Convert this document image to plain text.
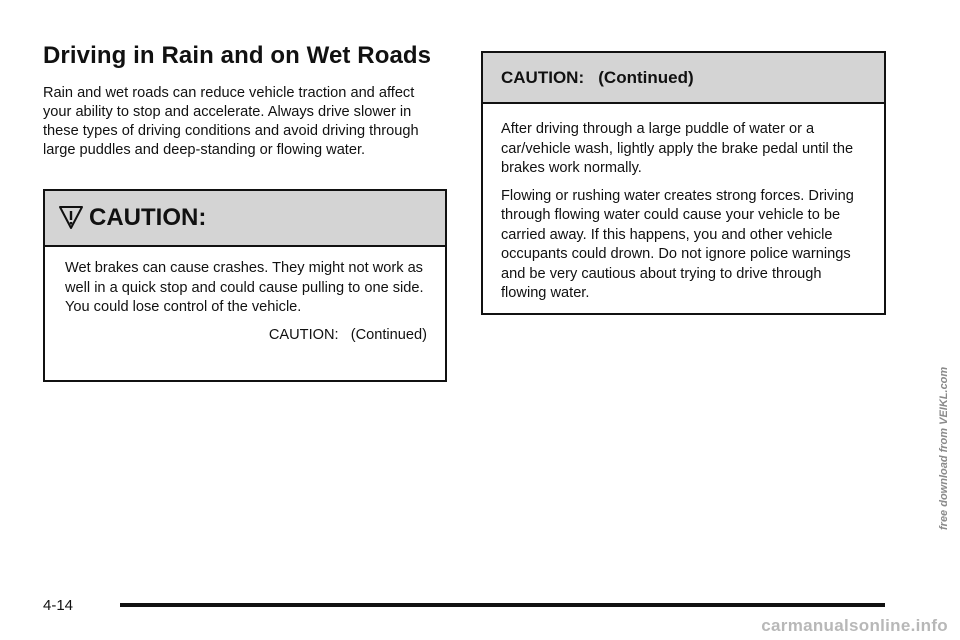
Driving in Rain and on Wet Roads

Rain and wet roads can reduce vehicle traction and affect your ability to stop and accelerate. Always drive slower in these types of driving conditions and avoid driving through large puddles and deep-standing or flowing water.

CAUTION:

Wet brakes can cause crashes. They might not work as well in a quick stop and could cause pulling to one side. You could lose control of the vehicle.

CAUTION:   (Continued)
CAUTION:   (Continued)

After driving through a large puddle of water or a car/vehicle wash, lightly apply the brake pedal until the brakes work normally.

Flowing or rushing water creates strong forces. Driving through flowing water could cause your vehicle to be carried away. If this happens, you and other vehicle occupants could drown. Do not ignore police warnings and be very cautious about trying to drive through flowing water.

4-14
free download from VEIKL.com
carmanualsonline.info
